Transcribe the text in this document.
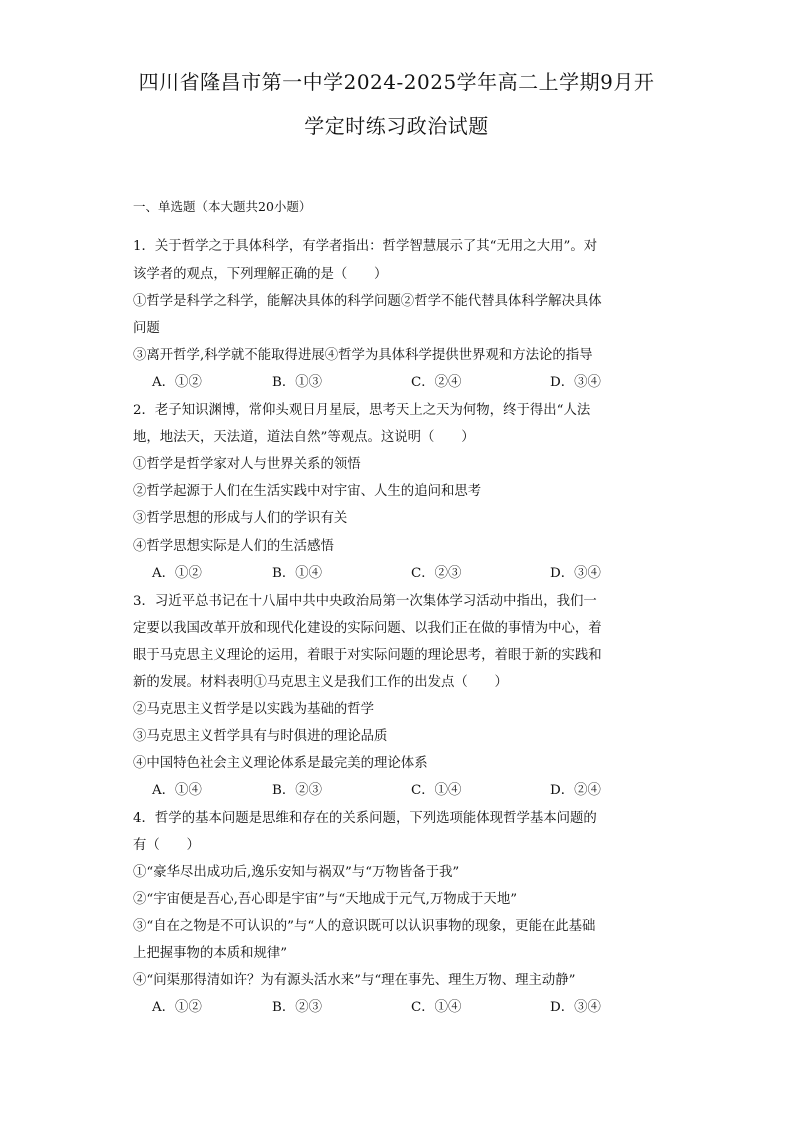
四川省隆昌市第一中学2024-2025学年高二上学期9月开
学定时练习政治试题
一、单选题（本大题共20小题）
1．关于哲学之于具体科学，有学者指出：哲学智慧展示了其“无用之大用”。对
该学者的观点，下列理解正确的是（　　）
①哲学是科学之科学，能解决具体的科学问题②哲学不能代替具体科学解决具体
问题
③离开哲学,科学就不能取得进展④哲学为具体科学提供世界观和方法论的指导
A．①②	B．①③	C．②④	D．③④
2．老子知识渊博，常仰头观日月星辰，思考天上之天为何物，终于得出“人法
地，地法天，天法道，道法自然”等观点。这说明（　　）
①哲学是哲学家对人与世界关系的领悟
②哲学起源于人们在生活实践中对宇宙、人生的追问和思考
③哲学思想的形成与人们的学识有关
④哲学思想实际是人们的生活感悟
A．①②	B．①④	C．②③	D．③④
3．习近平总书记在十八届中共中央政治局第一次集体学习活动中指出，我们一
定要以我国改革开放和现代化建设的实际问题、以我们正在做的事情为中心，着
眼于马克思主义理论的运用，着眼于对实际问题的理论思考，着眼于新的实践和
新的发展。材料表明①马克思主义是我们工作的出发点（　　）
②马克思主义哲学是以实践为基础的哲学
③马克思主义哲学具有与时俱进的理论品质
④中国特色社会主义理论体系是最完美的理论体系
A．①④	B．②③	C．①④	D．②④
4．哲学的基本问题是思维和存在的关系问题，下列选项能体现哲学基本问题的
有（　　）
①“豪华尽出成功后,逸乐安知与祸双”与“万物皆备于我”
②“宇宙便是吾心,吾心即是宇宙”与“天地成于元气,万物成于天地”
③“自在之物是不可认识的”与“人的意识既可以认识事物的现象，更能在此基础
上把握事物的本质和规律”
④“问渠那得清如许？为有源头活水来”与“理在事先、理生万物、理主动静”
A．①②	B．②③	C．①④	D．③④
